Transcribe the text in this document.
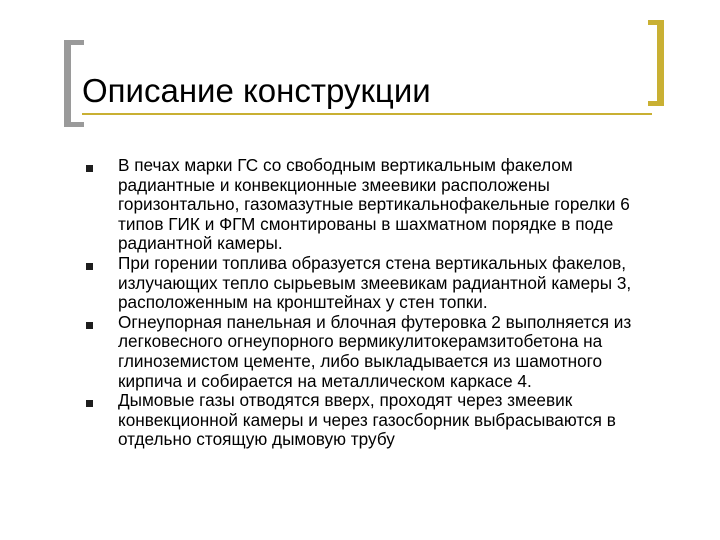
Описание конструкции
В печах марки ГС со свободным вертикальным факелом радиантные и конвекционные змеевики расположены горизонтально, газомазутные вертикальнофакельные горелки 6 типов ГИК и ФГМ смонтированы в шахматном порядке в поде радиантной камеры.
При горении топлива образуется стена вертикальных факелов, излучающих тепло сырьевым змеевикам радиантной камеры 3, расположенным на кронштейнах у стен топки.
Огнеупорная панельная и блочная футеровка 2 выполняется из легковесного огнеупорного вермикулитокерамзитобетона на глиноземистом цементе, либо выкладывается из шамотного кирпича и собирается на металлическом каркасе 4.
Дымовые газы отводятся вверх, проходят через змеевик конвекционной камеры и через газосборник выбрасываются в отдельно стоящую дымовую трубу
